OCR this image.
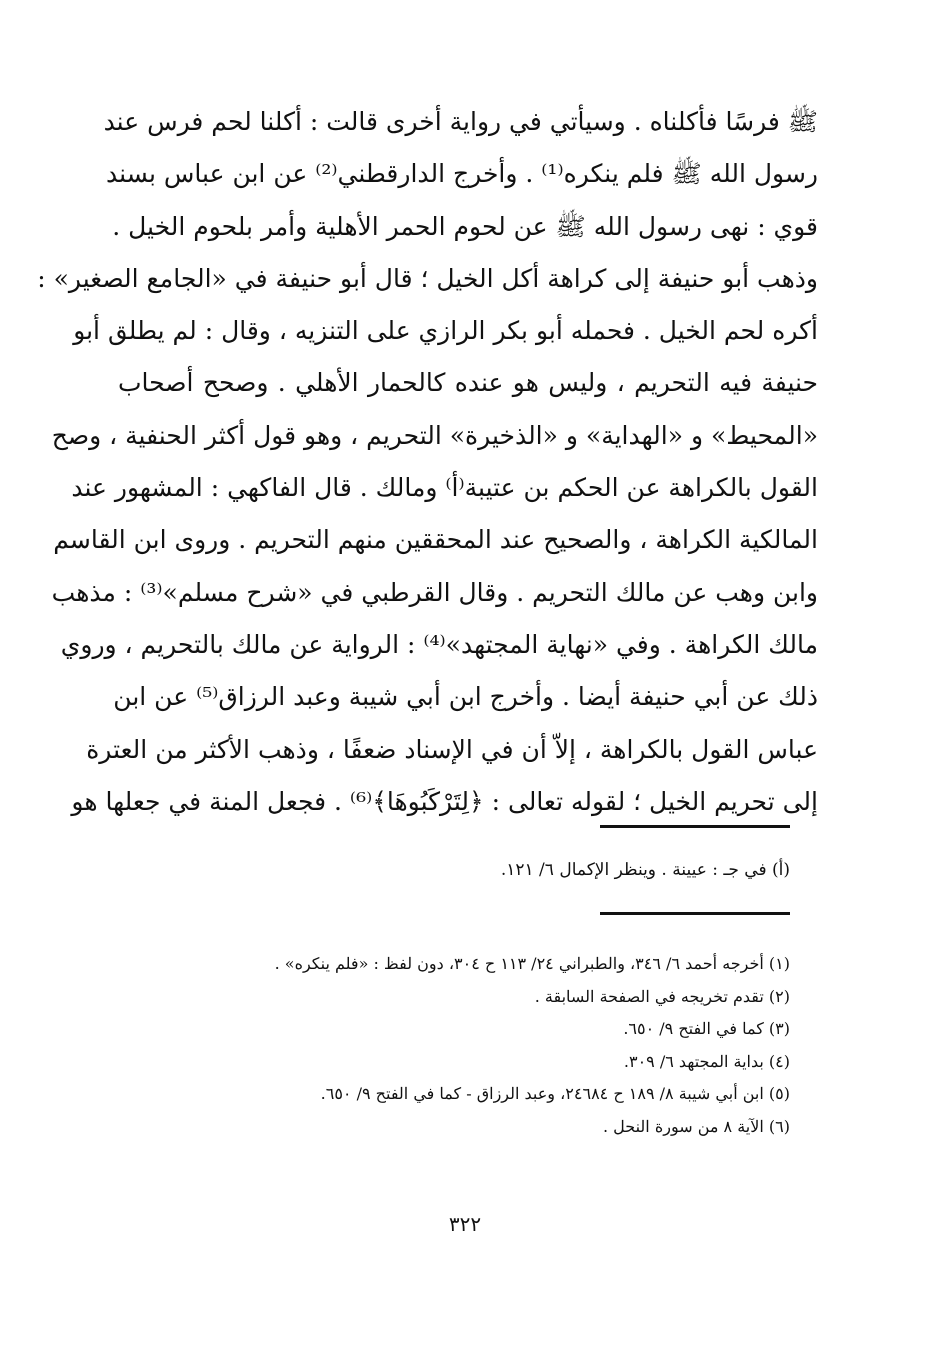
ﷺ فرسًا فأكلناه . وسيأتي في رواية أخرى قالت : أكلنا لحم فرس عند
رسول الله ﷺ فلم ينكره⁽¹⁾ . وأخرج الدارقطني⁽²⁾ عن ابن عباس بسند
قوي : نهى رسول الله ﷺ عن لحوم الحمر الأهلية وأمر بلحوم الخيل .
وذهب أبو حنيفة إلى كراهة أكل الخيل ؛ قال أبو حنيفة في «الجامع الصغير» :
أكره لحم الخيل . فحمله أبو بكر الرازي على التنزيه ، وقال : لم يطلق أبو
حنيفة فيه التحريم ، وليس هو عنده كالحمار الأهلي . وصحح أصحاب
«المحيط» و «الهداية» و «الذخيرة» التحريم ، وهو قول أكثر الحنفية ، وصح
القول بالكراهة عن الحكم بن عتيبة⁽أ⁾ ومالك . قال الفاكهي : المشهور عند
المالكية الكراهة ، والصحيح عند المحققين منهم التحريم . وروى ابن القاسم
وابن وهب عن مالك التحريم . وقال القرطبي في «شرح مسلم»⁽³⁾ : مذهب
مالك الكراهة . وفي «نهاية المجتهد»⁽⁴⁾ : الرواية عن مالك بالتحريم ، وروي
ذلك عن أبي حنيفة أيضا . وأخرج ابن أبي شيبة وعبد الرزاق⁽⁵⁾ عن ابن
عباس القول بالكراهة ، إلاّ أن في الإسناد ضعفًا ، وذهب الأكثر من العترة
إلى تحريم الخيل ؛ لقوله تعالى : ﴿لِتَرْكَبُوهَا﴾⁽⁶⁾ . فجعل المنة في جعلها هو
(أ) في جـ : عيينة . وينظر الإكمال ٦/ ١٢١.
(١) أخرجه أحمد ٦/ ٣٤٦، والطبراني ٢٤/ ١١٣ ح ٣٠٤، دون لفظ : «فلم ينكره» .
(٢) تقدم تخريجه في الصفحة السابقة .
(٣) كما في الفتح ٩/ ٦٥٠.
(٤) بداية المجتهد ٦/ ٣٠٩.
(٥) ابن أبي شيبة ٨/ ١٨٩ ح ٢٤٦٨٤، وعبد الرزاق - كما في الفتح ٩/ ٦٥٠.
(٦) الآية ٨ من سورة النحل .
٣٢٢
